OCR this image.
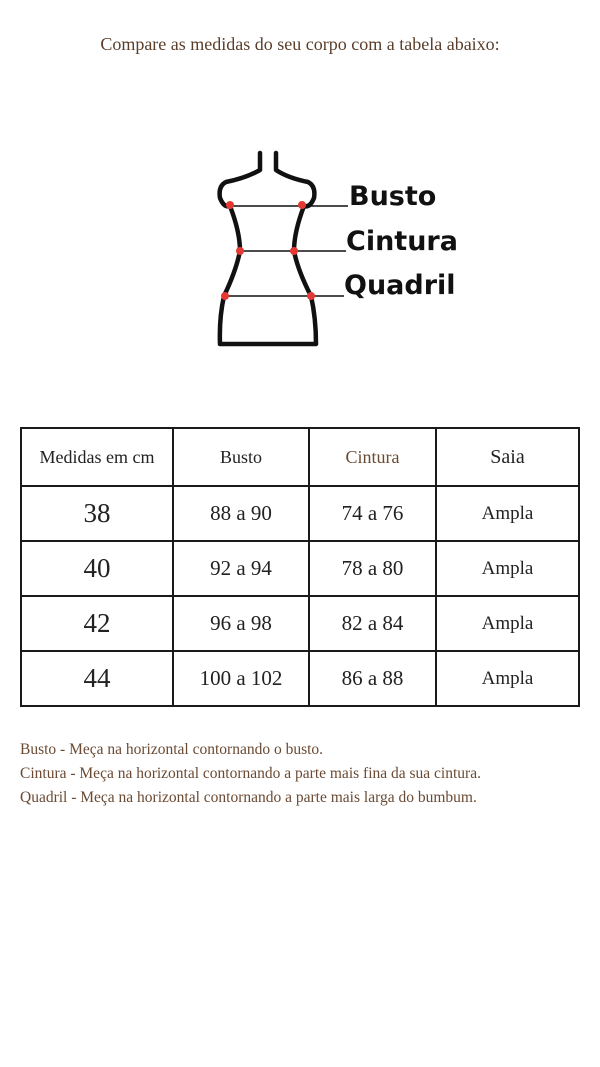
Compare as medidas do seu corpo com a tabela abaixo:

Busto
Cintura
Quadril
Medidas em cm	Busto	Cintura	Saia
38	88 a 90	74 a 76	Ampla
40	92 a 94	78 a 80	Ampla
42	96 a 98	82 a 84	Ampla
44	100 a 102	86 a 88	Ampla

Busto - Meça na horizontal contornando o busto.

Cintura - Meça na horizontal contornando a parte mais fina da sua cintura.

Quadril - Meça na horizontal contornando a parte mais larga do bumbum.
